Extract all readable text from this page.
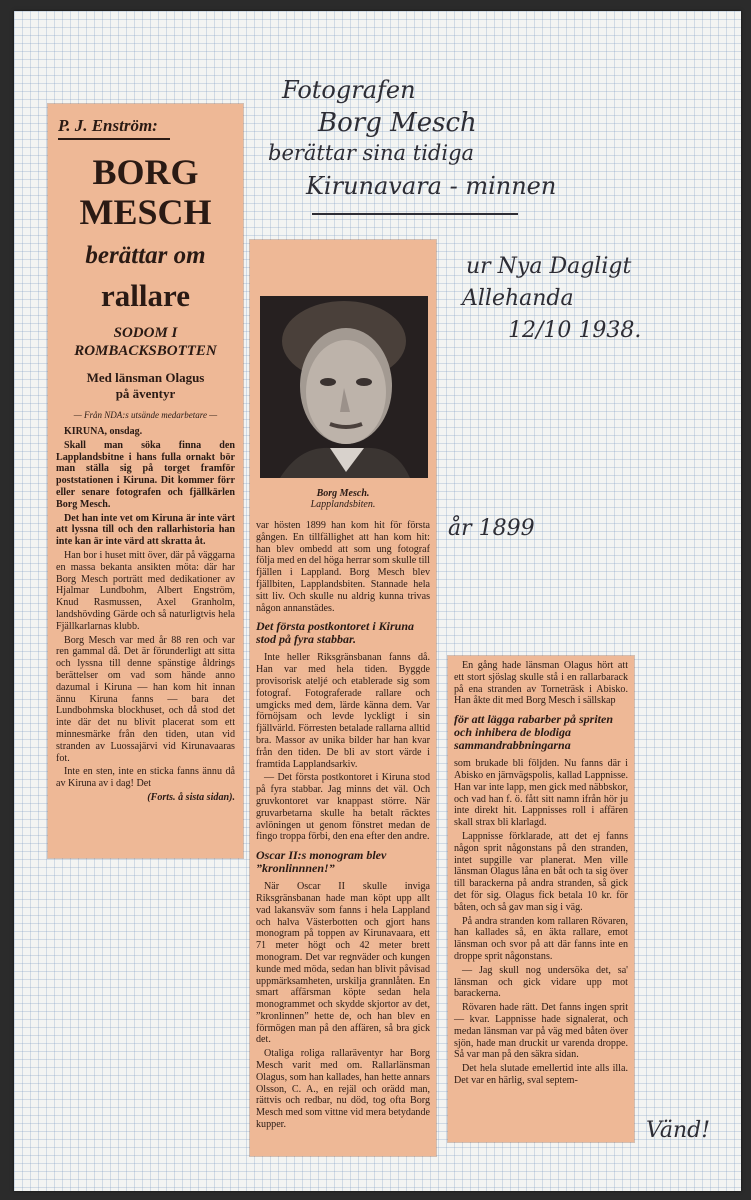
Fotografen
Borg Mesch
berättar sina tidiga
Kirunavara - minnen
ur Nya Dagligt
Allehanda
12/10 1938.
år 1899
Vänd!
P. J. Enström:
BORG
MESCH
berättar om
rallare
SODOM I
ROMBACKSBOTTEN
Med länsman Olagus
på äventyr
— Från NDA:s utsände medarbetare —
KIRUNA, onsdag.

Skall man söka finna den Lapplandsbitne i hans fulla ornakt bör man ställa sig på torget framför poststationen i Kiruna. Dit kommer förr eller senare fotografen och fjällkärlen Borg Mesch.

Det han inte vet om Kiruna är inte värt att lyssna till och den rallarhistoria han inte kan är inte värd att skratta åt.

Han bor i huset mitt över, där på väggarna en massa bekanta ansikten möta: där har Borg Mesch porträtt med dedikationer av Hjalmar Lundbohm, Albert Engström, Knud Rasmussen, Axel Granholm, landshövding Gärde och så naturligtvis hela Fjällkarlarnas klubb.

Borg Mesch var med år 88 ren och var ren gammal då. Det är förunderligt att sitta och lyssna till denne spänstige åldrings berättelser om vad som hände anno dazumal i Kiruna — han kom hit innan ännu Kiruna fanns — bara det Lundbohmska blockhuset, och då stod det inte där det nu blivit placerat som ett minnesmärke från den tiden, utan vid stranden av Luossajärvi vid Kirunavaaras fot.

Inte en sten, inte en sticka fanns ännu då av Kiruna av i dag! Det

(Forts. å sista sidan).
Borg Mesch.
Lapplandsbiten.

var hösten 1899 han kom hit för första gången. En tillfällighet att han kom hit: han blev ombedd att som ung fotograf följa med en del höga herrar som skulle till fjällen i Lappland. Borg Mesch blev fjällbiten, Lapplandsbiten. Stannade hela sitt liv. Och skulle nu aldrig kunna trivas någon annanstädes.

Det första postkontoret i Kiruna stod på fyra stabbar.

Inte heller Riksgränsbanan fanns då. Han var med hela tiden. Byggde provisorisk ateljé och etablerade sig som fotograf. Fotograferade rallare och umgicks med dem, lärde känna dem. Var förnöjsam och levde lyckligt i sin fjällvärld. Förresten betalade rallarna alltid bra. Massor av unika bilder har han kvar från den tiden. De bli av stort värde i framtida Lapplandsarkiv.

— Det första postkontoret i Kiruna stod på fyra stabbar. Jag minns det väl. Och gruvkontoret var knappast större. När gruvarbetarna skulle ha betalt räcktes avlöningen ut genom fönstret medan de fingo troppa förbi, den ena efter den andre.

Oscar II:s monogram blev ”kronlinnnen!”

När Oscar II skulle inviga Riksgränsbanan hade man köpt upp allt vad lakansväv som fanns i hela Lappland och halva Västerbotten och gjort hans monogram på toppen av Kirunavaara, ett 71 meter högt och 42 meter brett monogram. Det var regnväder och kungen kunde med möda, sedan han blivit påvisad uppmärksamheten, urskilja grannlåten. En smart affärsman köpte sedan hela monogrammet och skydde skjortor av det, ”kronlinnen” hette de, och han blev en förmögen man på den affären, så bra gick det.

Otaliga roliga rallaräventyr har Borg Mesch varit med om. Rallarlänsman Olagus, som han kallades, han hette annars Olsson, C. A., en rejäl och orädd man, rättvis och redbar, nu död, tog ofta Borg Mesch med som vittne vid mera betydande kupper.

En gång hade länsman Olagus hört att ett stort sjöslag skulle stå i en rallarbarack på ena stranden av Torneträsk i Abisko. Han åkte dit med Borg Mesch i sällskap

för att lägga rabarber på spriten och inhibera de blodiga sammandrabbningarna

som brukade bli följden. Nu fanns där i Abisko en järnvägspolis, kallad Lappnisse. Han var inte lapp, men gick med näbbskor, och vad han f. ö. fått sitt namn ifrån hör ju inte direkt hit. Lappnisses roll i affären skall strax bli klarlagd.

Lappnisse förklarade, att det ej fanns någon sprit någonstans på den stranden, intet supgille var planerat. Men ville länsman Olagus låna en båt och ta sig över till barackerna på andra stranden, så gick det för sig. Olagus fick betala 10 kr. för båten, och så gav man sig i väg.

På andra stranden kom rallaren Rövaren, han kallades så, en äkta rallare, emot länsman och svor på att där fanns inte en droppe sprit någonstans.

— Jag skull nog undersöka det, sa' länsman och gick vidare upp mot barackerna.

Rövaren hade rätt. Det fanns ingen sprit — kvar. Lappnisse hade signalerat, och medan länsman var på väg med båten över sjön, hade man druckit ur varenda droppe. Så var man på den säkra sidan.

Det hela slutade emellertid inte alls illa. Det var en härlig, sval septem-
